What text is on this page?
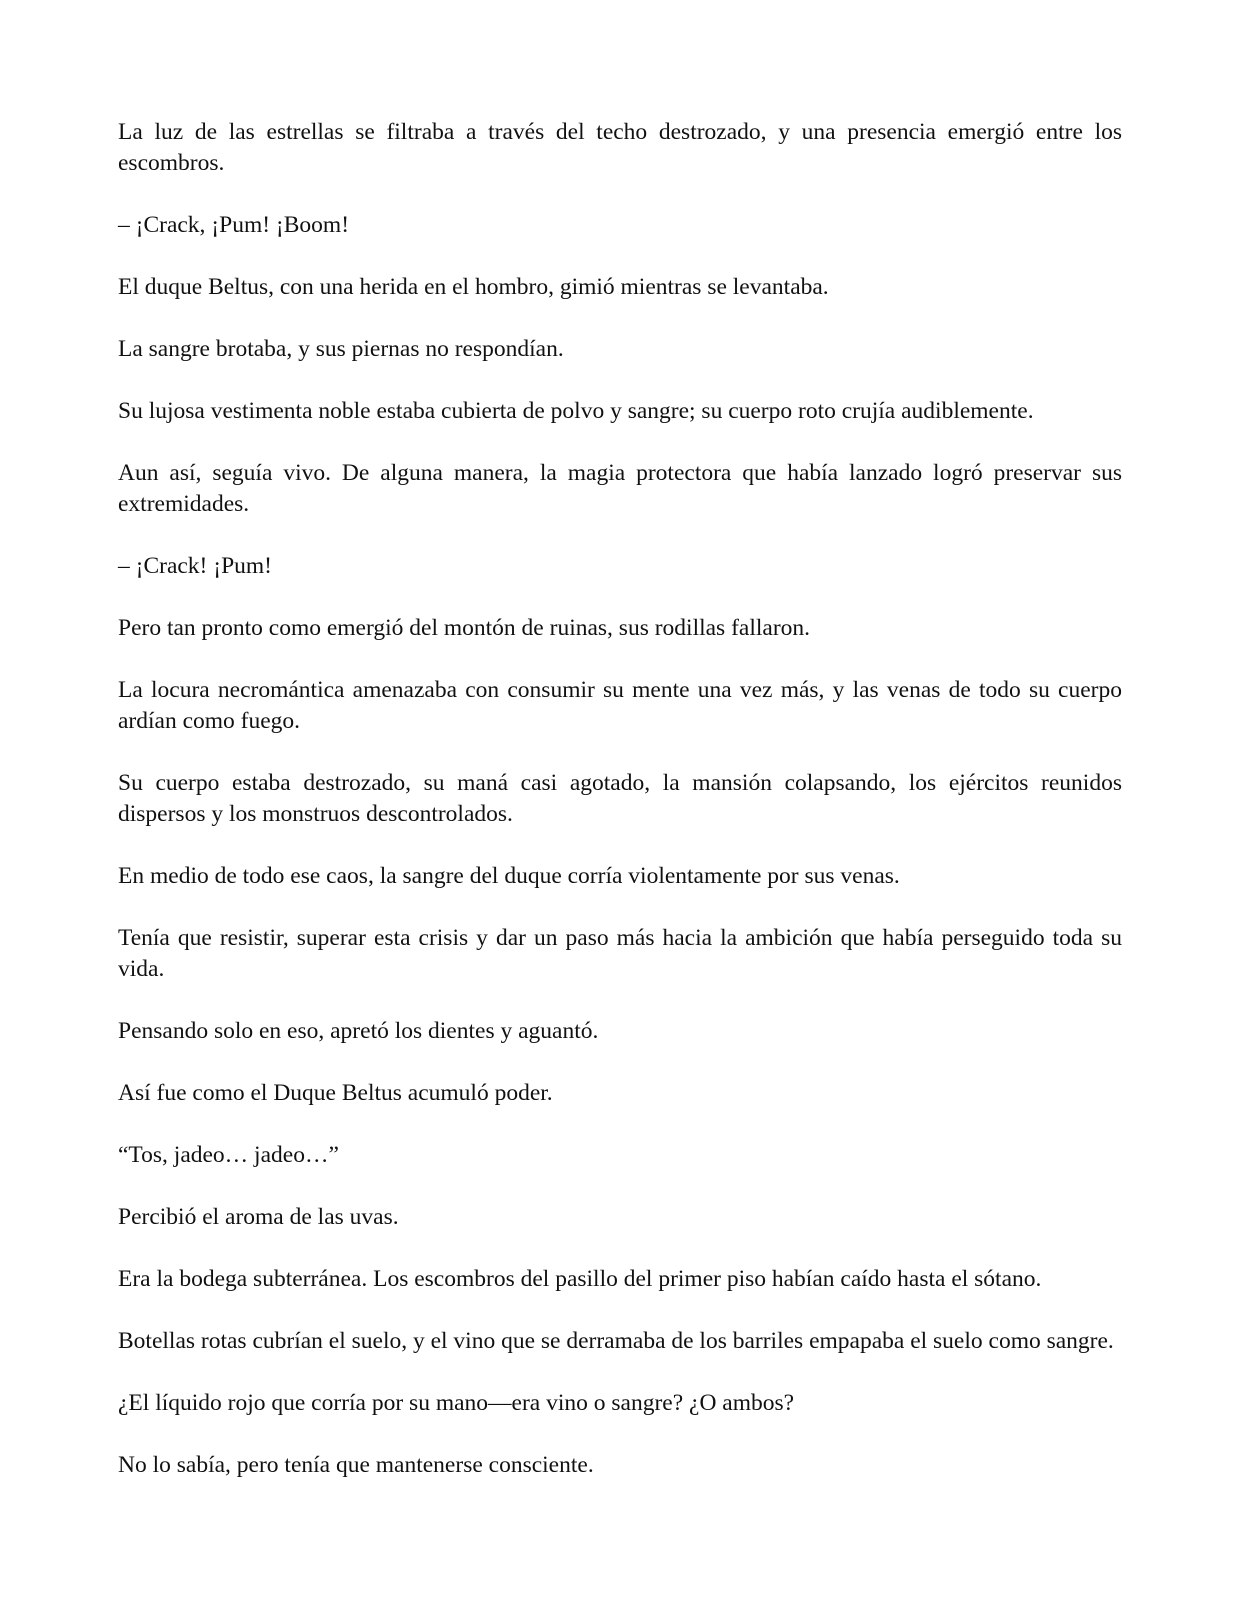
La luz de las estrellas se filtraba a través del techo destrozado, y una presencia emergió entre los escombros.

– ¡Crack, ¡Pum! ¡Boom!

El duque Beltus, con una herida en el hombro, gimió mientras se levantaba.

La sangre brotaba, y sus piernas no respondían.

Su lujosa vestimenta noble estaba cubierta de polvo y sangre; su cuerpo roto crujía audiblemente.

Aun así, seguía vivo. De alguna manera, la magia protectora que había lanzado logró preservar sus extremidades.

– ¡Crack! ¡Pum!

Pero tan pronto como emergió del montón de ruinas, sus rodillas fallaron.

La locura necromántica amenazaba con consumir su mente una vez más, y las venas de todo su cuerpo ardían como fuego.

Su cuerpo estaba destrozado, su maná casi agotado, la mansión colapsando, los ejércitos reunidos dispersos y los monstruos descontrolados.

En medio de todo ese caos, la sangre del duque corría violentamente por sus venas.

Tenía que resistir, superar esta crisis y dar un paso más hacia la ambición que había perseguido toda su vida.

Pensando solo en eso, apretó los dientes y aguantó.

Así fue como el Duque Beltus acumuló poder.

“Tos, jadeo… jadeo…”

Percibió el aroma de las uvas.

Era la bodega subterránea. Los escombros del pasillo del primer piso habían caído hasta el sótano.

Botellas rotas cubrían el suelo, y el vino que se derramaba de los barriles empapaba el suelo como sangre.

¿El líquido rojo que corría por su mano—era vino o sangre? ¿O ambos?

No lo sabía, pero tenía que mantenerse consciente.
